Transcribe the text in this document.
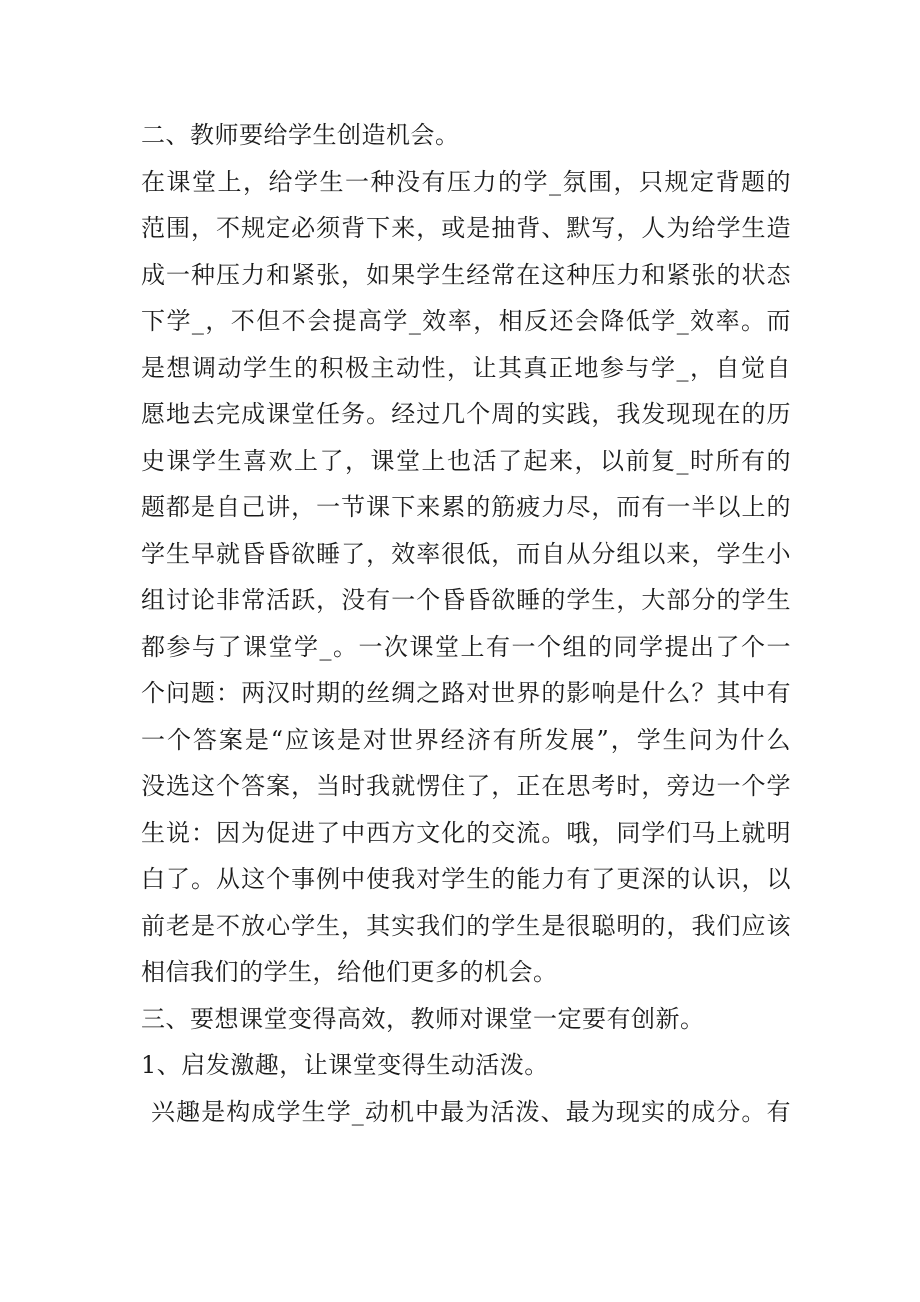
二、教师要给学生创造机会。
在课堂上，给学生一种没有压力的学_氛围，只规定背题的
范围，不规定必须背下来，或是抽背、默写，人为给学生造
成一种压力和紧张，如果学生经常在这种压力和紧张的状态
下学_，不但不会提高学_效率，相反还会降低学_效率。而
是想调动学生的积极主动性，让其真正地参与学_，自觉自
愿地去完成课堂任务。经过几个周的实践，我发现现在的历
史课学生喜欢上了，课堂上也活了起来，以前复_时所有的
题都是自己讲，一节课下来累的筋疲力尽，而有一半以上的
学生早就昏昏欲睡了，效率很低，而自从分组以来，学生小
组讨论非常活跃，没有一个昏昏欲睡的学生，大部分的学生
都参与了课堂学_。一次课堂上有一个组的同学提出了个一
个问题：两汉时期的丝绸之路对世界的影响是什么？其中有
一个答案是“应该是对世界经济有所发展”，学生问为什么
没选这个答案，当时我就愣住了，正在思考时，旁边一个学
生说：因为促进了中西方文化的交流。哦，同学们马上就明
白了。从这个事例中使我对学生的能力有了更深的认识，以
前老是不放心学生，其实我们的学生是很聪明的，我们应该
相信我们的学生，给他们更多的机会。
三、要想课堂变得高效，教师对课堂一定要有创新。
1、启发激趣，让课堂变得生动活泼。
兴趣是构成学生学_动机中最为活泼、最为现实的成分。有
